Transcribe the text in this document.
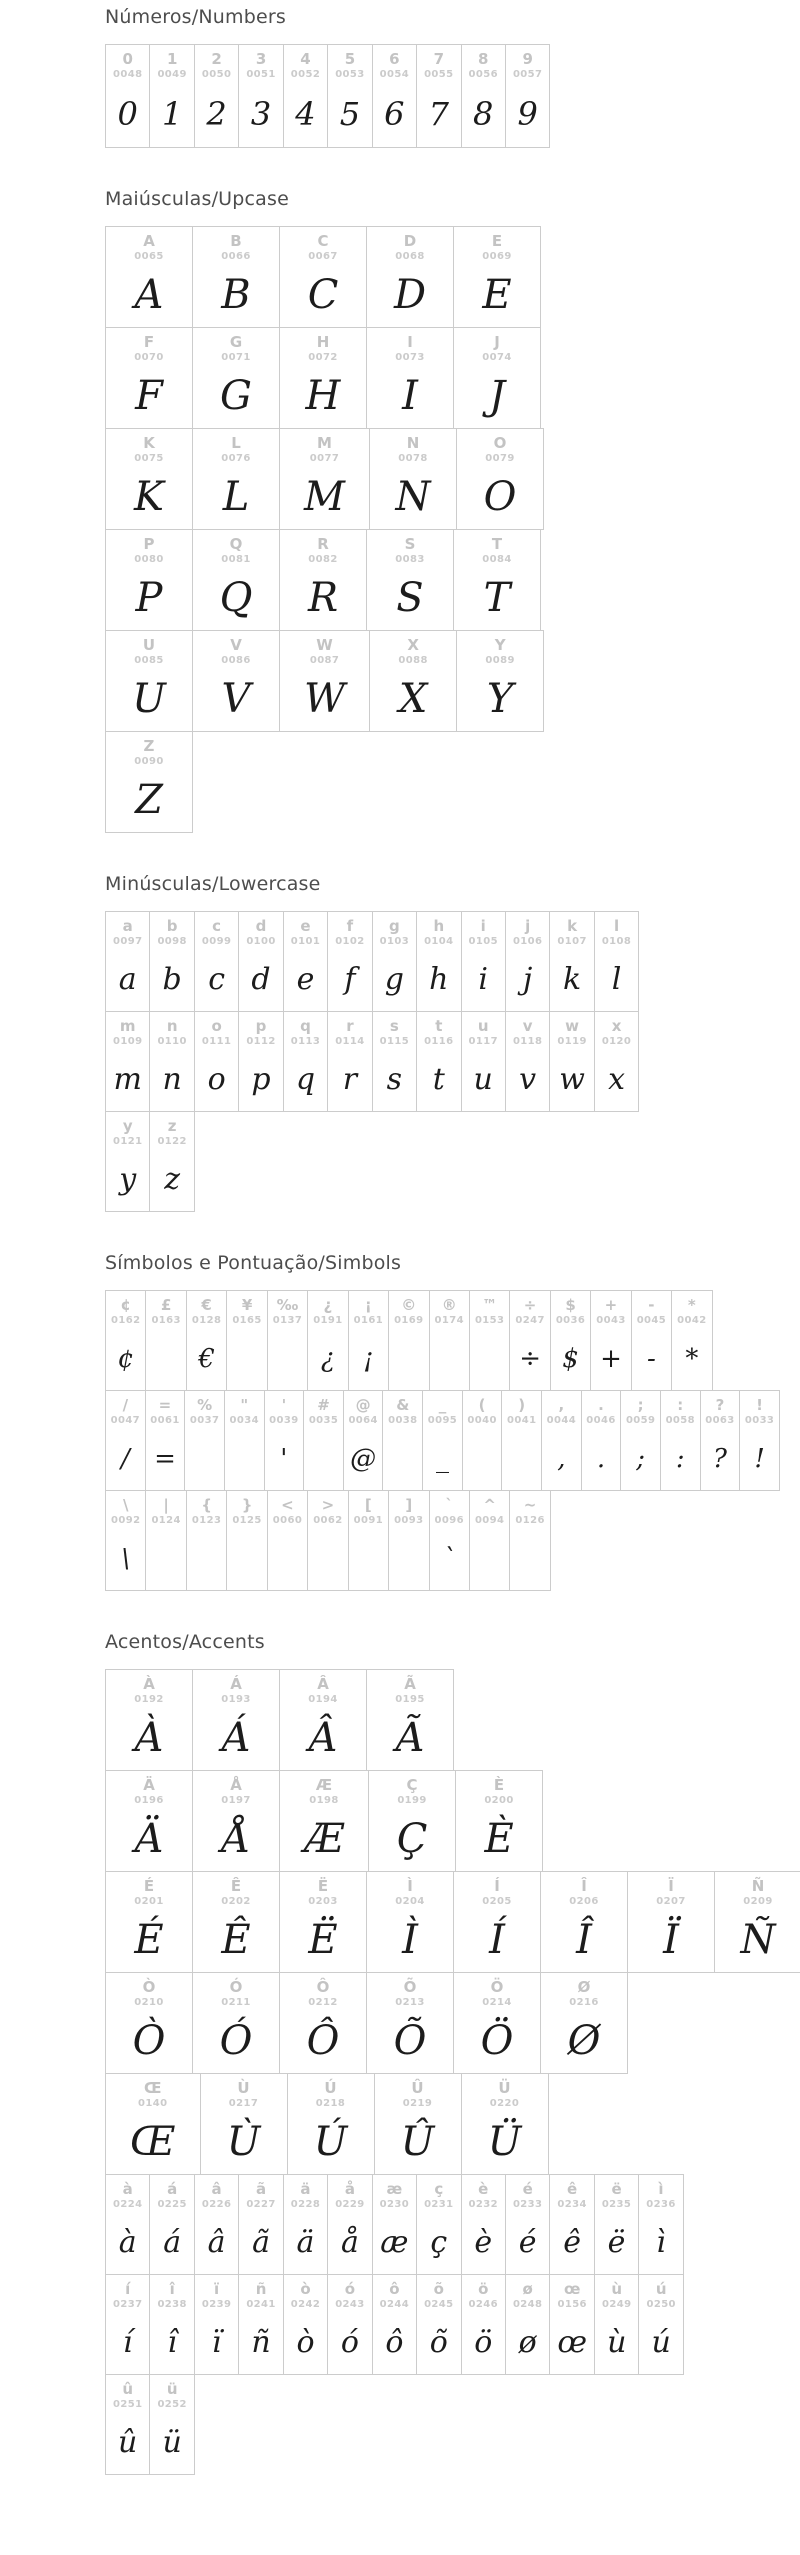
Números/Numbers
0
0048
0
1
0049
1
2
0050
2
3
0051
3
4
0052
4
5
0053
5
6
0054
6
7
0055
7
8
0056
8
9
0057
9
Maiúsculas/Upcase
A
0065
A
B
0066
B
C
0067
C
D
0068
D
E
0069
E
F
0070
F
G
0071
G
H
0072
H
I
0073
I
J
0074
J
K
0075
K
L
0076
L
M
0077
M
N
0078
N
O
0079
O
P
0080
P
Q
0081
Q
R
0082
R
S
0083
S
T
0084
T
U
0085
U
V
0086
V
W
0087
W
X
0088
X
Y
0089
Y
Z
0090
Z
Minúsculas/Lowercase
a
0097
a
b
0098
b
c
0099
c
d
0100
d
e
0101
e
f
0102
f
g
0103
g
h
0104
h
i
0105
i
j
0106
j
k
0107
k
l
0108
l
m
0109
m
n
0110
n
o
0111
o
p
0112
p
q
0113
q
r
0114
r
s
0115
s
t
0116
t
u
0117
u
v
0118
v
w
0119
w
x
0120
x
y
0121
y
z
0122
z
Símbolos e Pontuação/Simbols
¢
0162
¢
£
0163
€
0128
€
¥
0165
‰
0137
¿
0191
¿
¡
0161
¡
©
0169
®
0174
™
0153
÷
0247
÷
$
0036
$
+
0043
+
-
0045
-
*
0042
*
/
0047
/
=
0061
=
%
0037
"
0034
'
0039
'
#
0035
@
0064
@
&
0038
_
0095
_
(
0040
)
0041
,
0044
,
.
0046
.
;
0059
;
:
0058
:
?
0063
?
!
0033
!
\
0092
\
|
0124
{
0123
}
0125
<
0060
>
0062
[
0091
]
0093
`
0096
`
^
0094
~
0126
Acentos/Accents
À
0192
À
Á
0193
Á
Â
0194
Â
Ã
0195
Ã
Ä
0196
Ä
Å
0197
Å
Æ
0198
Æ
Ç
0199
Ç
È
0200
È
É
0201
É
Ê
0202
Ê
Ë
0203
Ë
Ì
0204
Ì
Í
0205
Í
Î
0206
Î
Ï
0207
Ï
Ñ
0209
Ñ
Ò
0210
Ò
Ó
0211
Ó
Ô
0212
Ô
Õ
0213
Õ
Ö
0214
Ö
Ø
0216
Ø
Œ
0140
Œ
Ù
0217
Ù
Ú
0218
Ú
Û
0219
Û
Ü
0220
Ü
à
0224
à
á
0225
á
â
0226
â
ã
0227
ã
ä
0228
ä
å
0229
å
æ
0230
æ
ç
0231
ç
è
0232
è
é
0233
é
ê
0234
ê
ë
0235
ë
ì
0236
ì
í
0237
í
î
0238
î
ï
0239
ï
ñ
0241
ñ
ò
0242
ò
ó
0243
ó
ô
0244
ô
õ
0245
õ
ö
0246
ö
ø
0248
ø
œ
0156
œ
ù
0249
ù
ú
0250
ú
û
0251
û
ü
0252
ü
